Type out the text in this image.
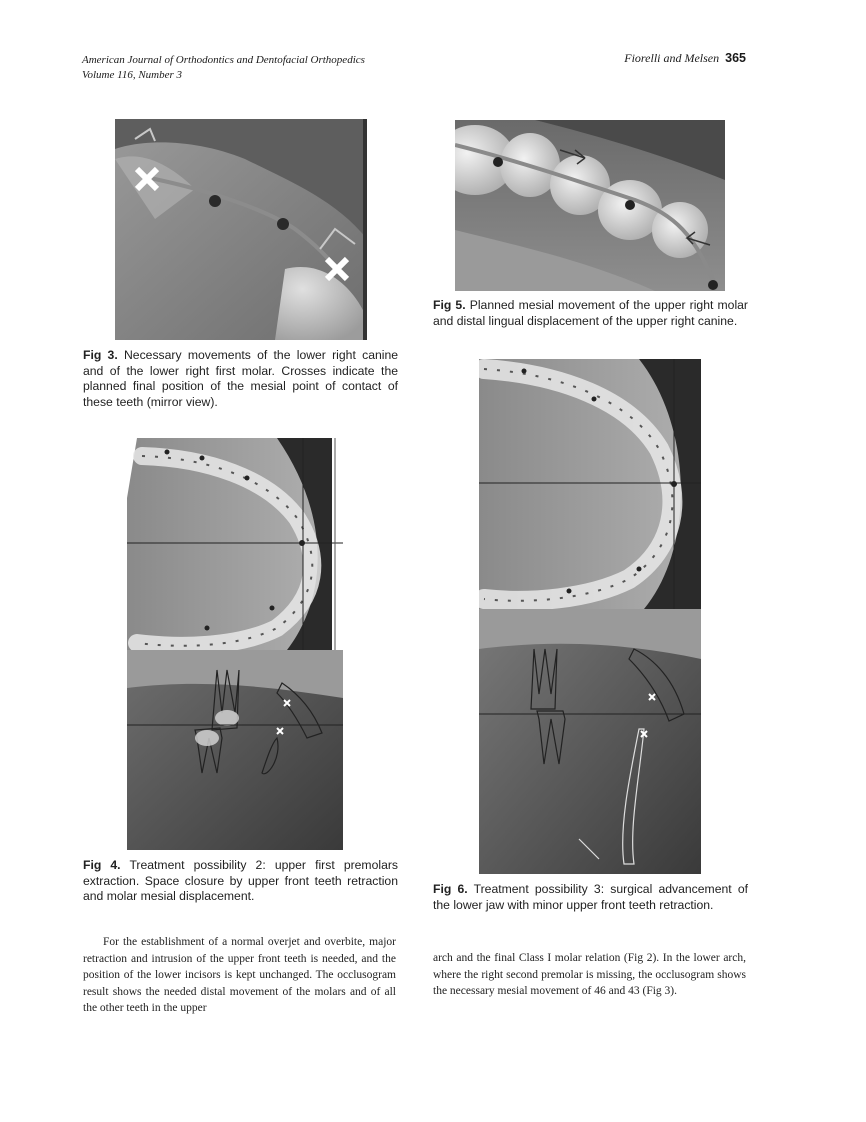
American Journal of Orthodontics and Dentofacial Orthopedics
Volume 116, Number 3
Fiorelli and Melsen 365
Fig 3. Necessary movements of the lower right canine and of the lower right first molar. Crosses indicate the planned final position of the mesial point of contact of these teeth (mirror view).
Fig 5. Planned mesial movement of the upper right molar and distal lingual displacement of the upper right canine.
Fig 4. Treatment possibility 2: upper first premolars extraction. Space closure by upper front teeth retraction and molar mesial displacement.	Fig 6. Treatment possibility 3: surgical advancement of the lower jaw with minor upper front teeth retraction.

For the establishment of a normal overjet and overbite, major retraction and intrusion of the upper front teeth is needed, and the position of the lower incisors is kept unchanged. The occlusogram result shows the needed distal movement of the molars and of all the other teeth in the upper

arch and the final Class I molar relation (Fig 2). In the lower arch, where the right second premolar is missing, the occlusogram shows the necessary mesial movement of 46 and 43 (Fig 3).
